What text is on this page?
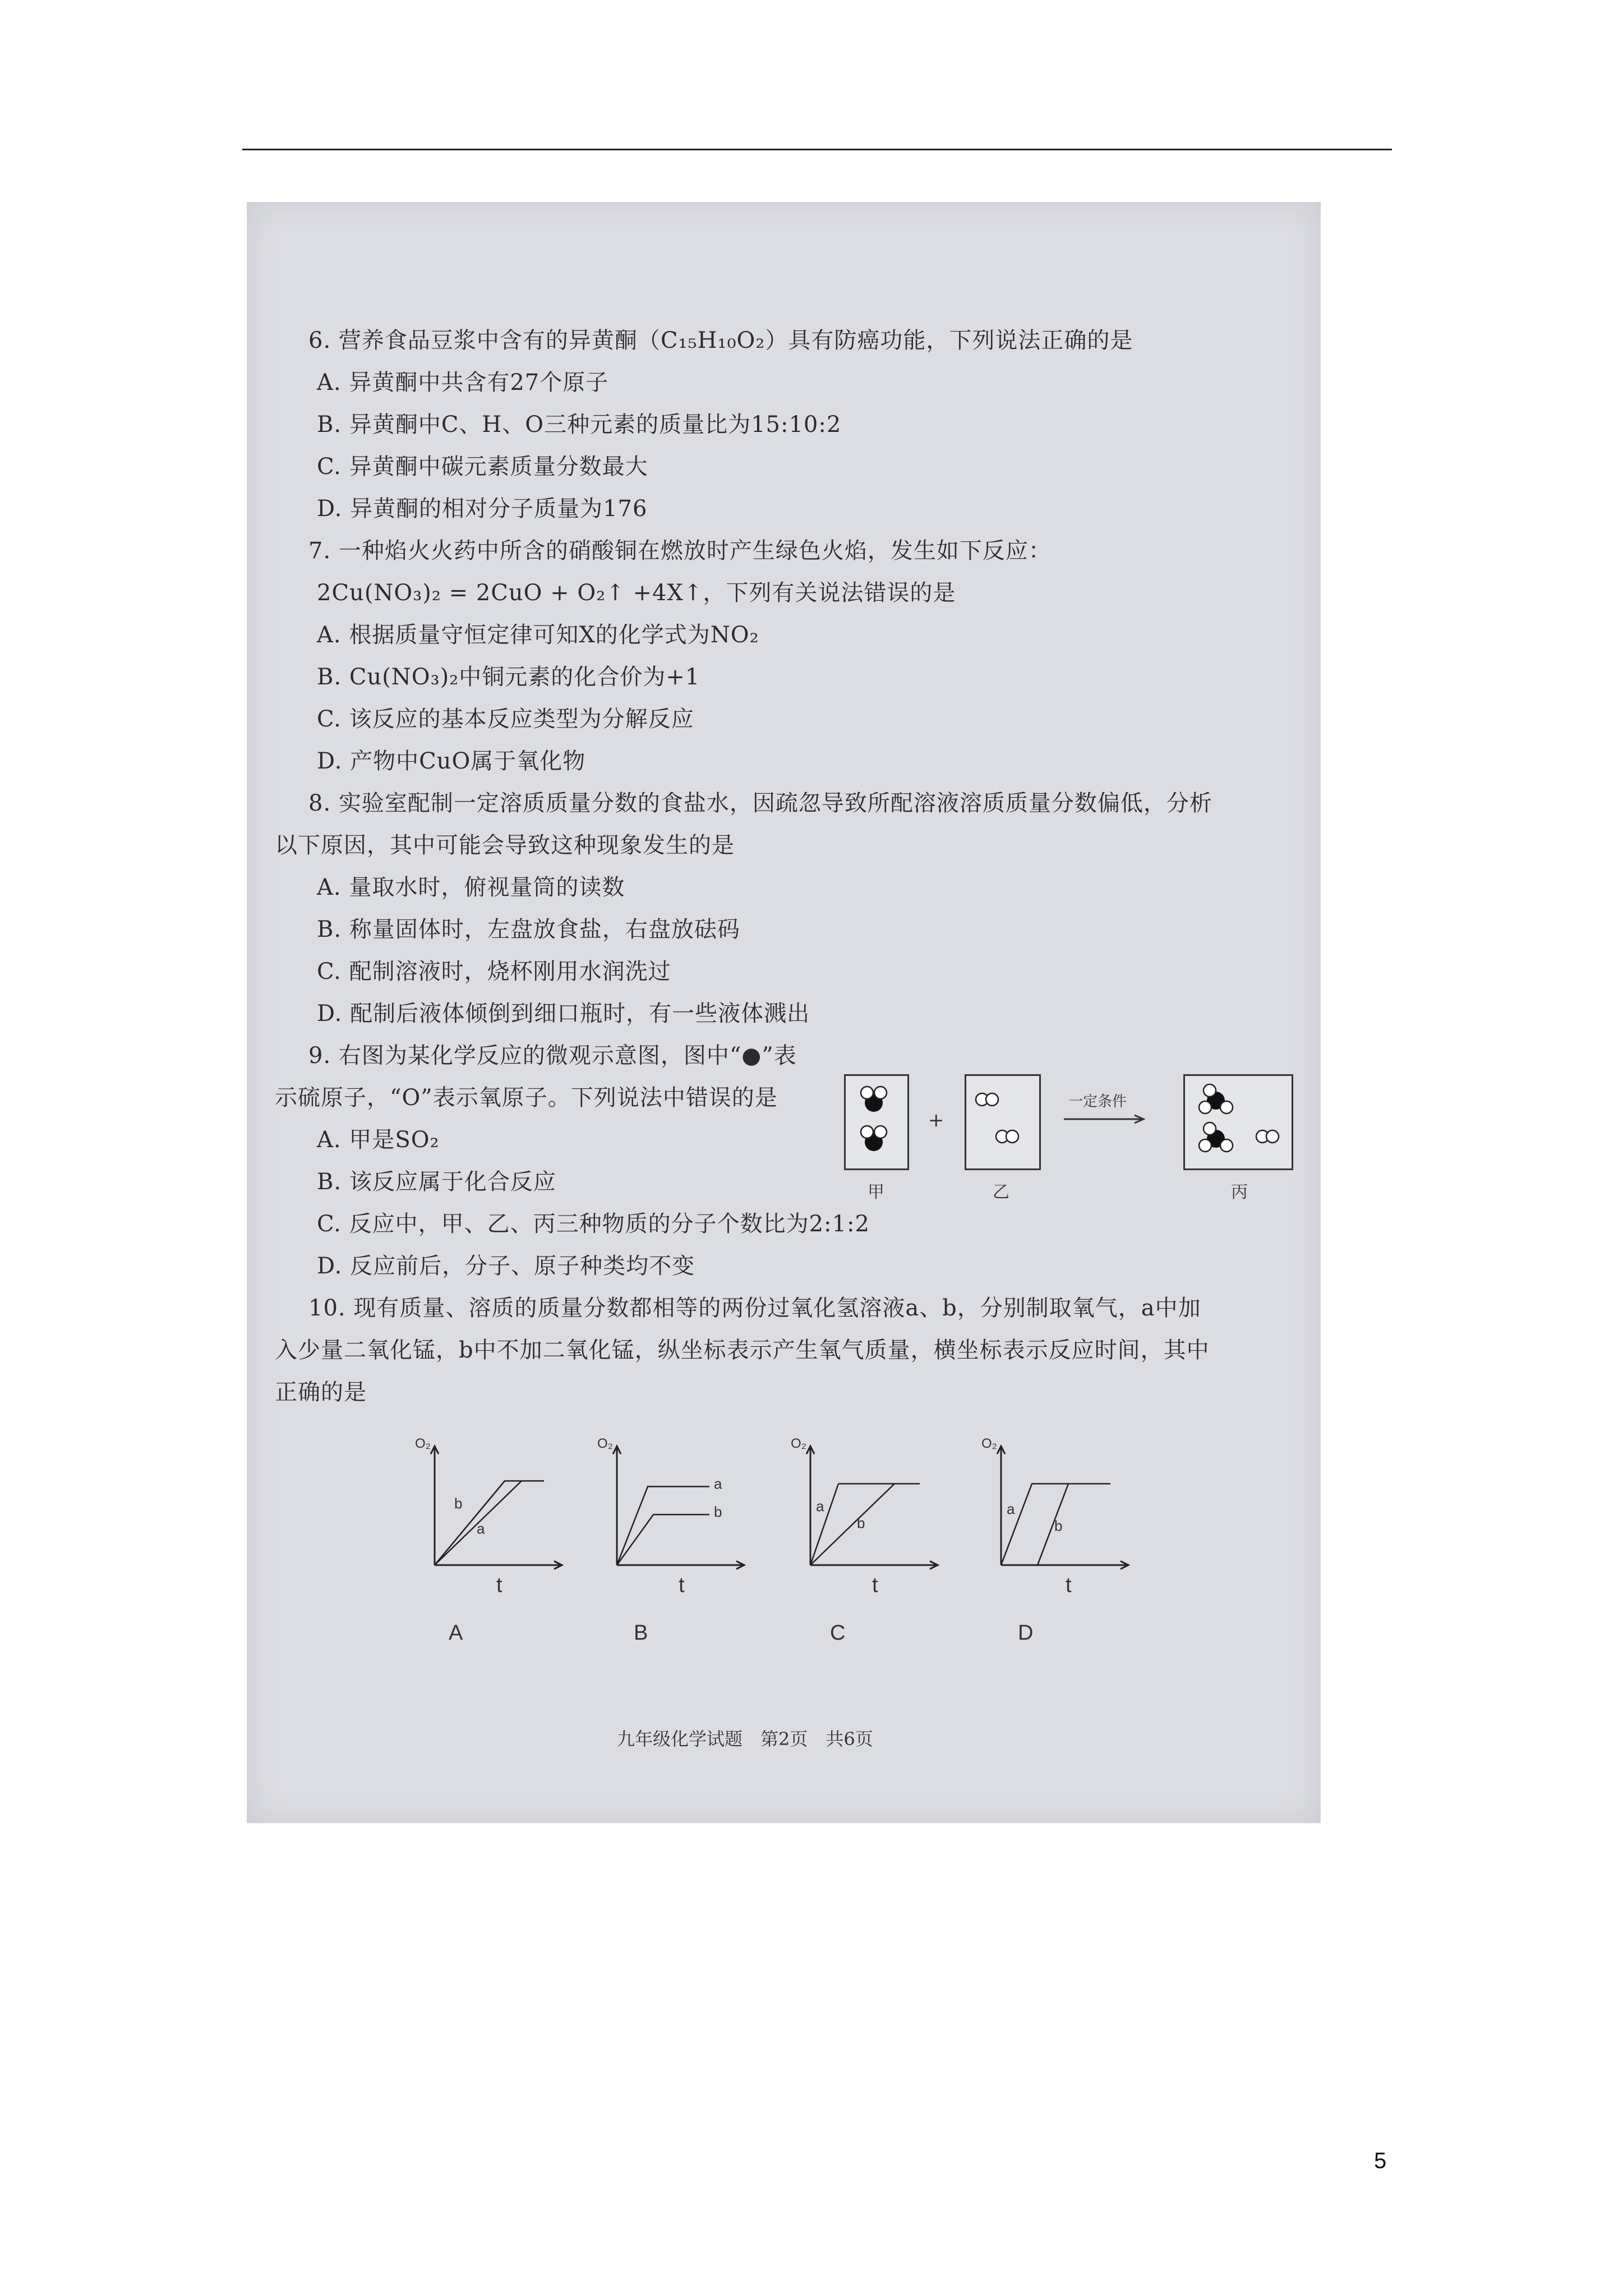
6. 营养食品豆浆中含有的异黄酮（C₁₅H₁₀O₂）具有防癌功能，下列说法正确的是
A. 异黄酮中共含有27个原子
B. 异黄酮中C、H、O三种元素的质量比为15:10:2
C. 异黄酮中碳元素质量分数最大
D. 异黄酮的相对分子质量为176
7. 一种焰火火药中所含的硝酸铜在燃放时产生绿色火焰，发生如下反应：
2Cu(NO₃)₂ = 2CuO + O₂↑ +4X↑，下列有关说法错误的是
A. 根据质量守恒定律可知X的化学式为NO₂
B. Cu(NO₃)₂中铜元素的化合价为+1
C. 该反应的基本反应类型为分解反应
D. 产物中CuO属于氧化物
8. 实验室配制一定溶质质量分数的食盐水，因疏忽导致所配溶液溶质质量分数偏低，分析
以下原因，其中可能会导致这种现象发生的是
A. 量取水时，俯视量筒的读数
B. 称量固体时，左盘放食盐，右盘放砝码
C. 配制溶液时，烧杯刚用水润洗过
D. 配制后液体倾倒到细口瓶时，有一些液体溅出
9. 右图为某化学反应的微观示意图，图中“●”表
示硫原子，“O”表示氧原子。下列说法中错误的是
A. 甲是SO₂
B. 该反应属于化合反应
C. 反应中，甲、乙、丙三种物质的分子个数比为2:1:2
D. 反应前后，分子、原子种类均不变
甲
+
乙
一定条件
丙
10. 现有质量、溶质的质量分数都相等的两份过氧化氢溶液a、b，分别制取氧气，a中加
入少量二氧化锰，b中不加二氧化锰，纵坐标表示产生氧气质量，横坐标表示反应时间，其中
正确的是
O₂
b
a
t
A
O₂
a
b
t
B
O₂
a
b
t
C
O₂
a
b
t
D
九年级化学试题　第2页　共6页
5
